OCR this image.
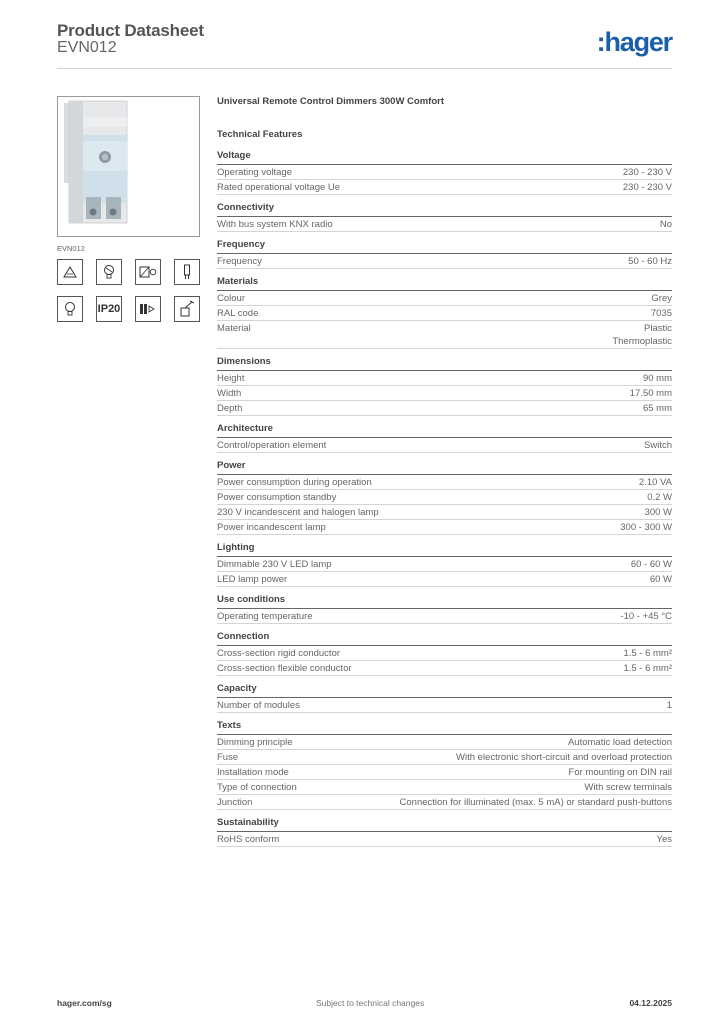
Product Datasheet
EVN012	:hager
EVN012
IP20
Universal Remote Control Dimmers 300W Comfort
Technical Features
Voltage
Operating voltage	230 - 230 V
Rated operational voltage Ue	230 - 230 V
Connectivity
With bus system KNX radio	No
Frequency
Frequency	50 - 60 Hz
Materials
Colour	Grey
RAL code	7035
Material	Plastic
Thermoplastic
Dimensions
Height	90 mm
Width	17.50 mm
Depth	65 mm
Architecture
Control/operation element	Switch
Power
Power consumption during operation	2.10 VA
Power consumption standby	0.2 W
230 V incandescent and halogen lamp	300 W
Power incandescent lamp	300 - 300 W
Lighting
Dimmable 230 V LED lamp	60 - 60 W
LED lamp power	60 W
Use conditions
Operating temperature	-10 - +45 °C
Connection
Cross-section rigid conductor	1.5 - 6 mm²
Cross-section flexible conductor	1.5 - 6 mm²
Capacity
Number of modules	1
Texts
Dimming principle	Automatic load detection
Fuse	With electronic short-circuit and overload protection
Installation mode	For mounting on DIN rail
Type of connection	With screw terminals
Junction	Connection for illuminated (max. 5 mA) or standard push-buttons
Sustainability
RoHS conform	Yes
hager.com/sg	Subject to technical changes	04.12.2025
